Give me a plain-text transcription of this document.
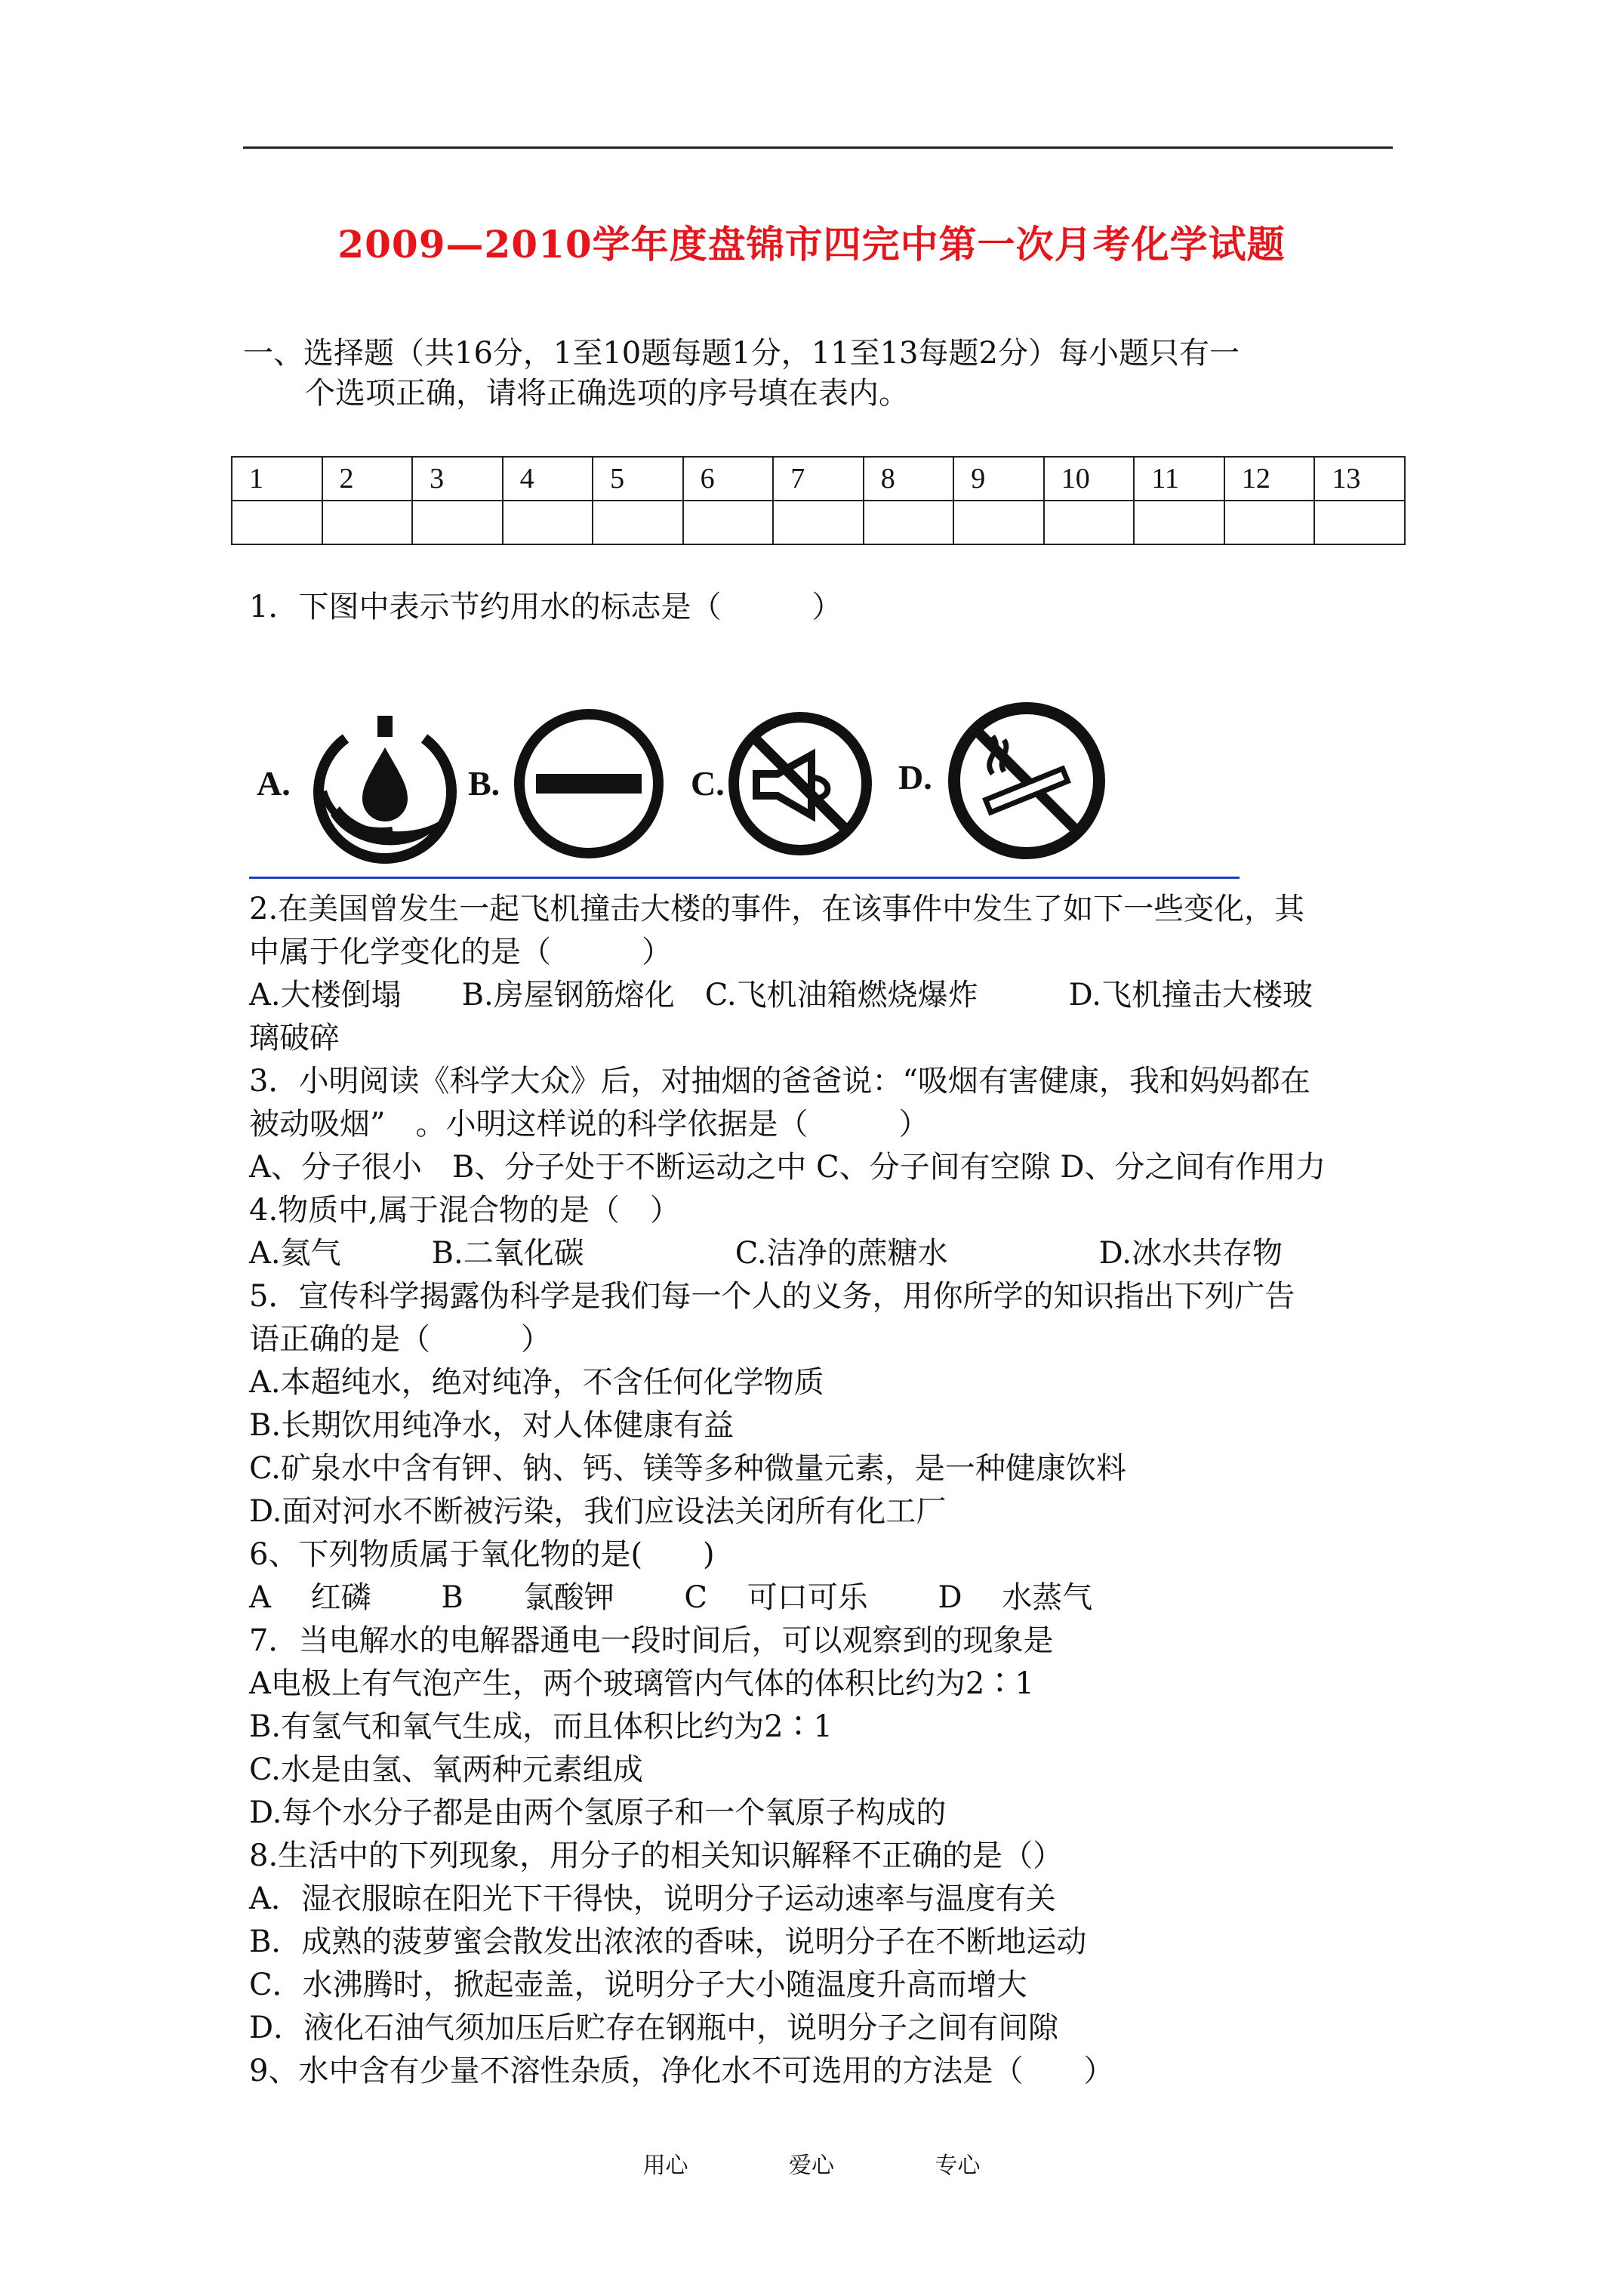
2009—2010学年度盘锦市四完中第一次月考化学试题
一、选择题（共16分，1至10题每题1分，11至13每题2分）每小题只有一
个选项正确，请将正确选项的序号填在表内。
1	2	3	4	5	6	7	8	9	10	11	12	13

1．下图中表示节约用水的标志是（　　　）
A.	B.	C.	D.
2.在美国曾发生一起飞机撞击大楼的事件，在该事件中发生了如下一些变化，其
中属于化学变化的是（　　　）
A.大楼倒塌　　B.房屋钢筋熔化　C.飞机油箱燃烧爆炸　　　D.飞机撞击大楼玻
璃破碎
3．小明阅读《科学大众》后，对抽烟的爸爸说：“吸烟有害健康，我和妈妈都在
被动吸烟”　。小明这样说的科学依据是（　　　）
A、分子很小　B、分子处于不断运动之中 C、分子间有空隙 D、分之间有作用力
4.物质中,属于混合物的是（　）
A.氦气　　　B.二氧化碳　　　　　C.洁净的蔗糖水　　　　　D.冰水共存物
5．宣传科学揭露伪科学是我们每一个人的义务，用你所学的知识指出下列广告
语正确的是（　　　）
A.本超纯水，绝对纯净，不含任何化学物质
B.长期饮用纯净水，对人体健康有益
C.矿泉水中含有钾、钠、钙、镁等多种微量元素，是一种健康饮料
D.面对河水不断被污染，我们应设法关闭所有化工厂
6、下列物质属于氧化物的是(　　)
A　 红磷　　 B　　氯酸钾　　 C　 可口可乐　　 D　 水蒸气
7．当电解水的电解器通电一段时间后，可以观察到的现象是
A电极上有气泡产生，两个玻璃管内气体的体积比约为2∶1
B.有氢气和氧气生成，而且体积比约为2∶1
C.水是由氢、氧两种元素组成
D.每个水分子都是由两个氢原子和一个氧原子构成的
8.生活中的下列现象，用分子的相关知识解释不正确的是（）
A．湿衣服晾在阳光下干得快，说明分子运动速率与温度有关
B．成熟的菠萝蜜会散发出浓浓的香味，说明分子在不断地运动
C．水沸腾时，掀起壶盖，说明分子大小随温度升高而增大
D．液化石油气须加压后贮存在钢瓶中，说明分子之间有间隙
9、水中含有少量不溶性杂质，净化水不可选用的方法是（　　）
用心	爱心	专心
